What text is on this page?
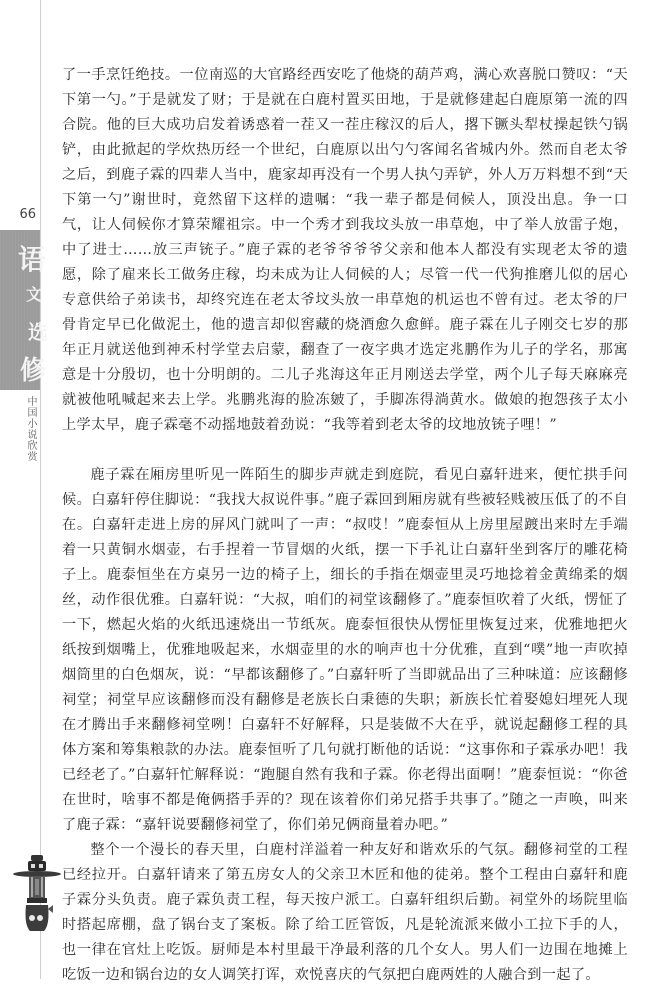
66
语
文
选
修
中国小说欣赏

了一手烹饪绝技。一位南巡的大官路经西安吃了他烧的葫芦鸡，满心欢喜脱口赞叹：“天下第一勺。”于是就发了财；于是就在白鹿村置买田地，于是就修建起白鹿原第一流的四合院。他的巨大成功启发着诱惑着一茬又一茬庄稼汉的后人，撂下镢头犁杖操起铁勺锅铲，由此掀起的学炊热历经一个世纪，白鹿原以出勺勺客闻名省城内外。然而自老太爷之后，到鹿子霖的四辈人当中，鹿家却再没有一个男人执勺弄铲，外人万万料想不到“天下第一勺”谢世时，竟然留下这样的遗嘱：“我一辈子都是伺候人，顶没出息。争一口气，让人伺候你才算荣耀祖宗。中一个秀才到我坟头放一串草炮，中了举人放雷子炮，中了进士……放三声铳子。”鹿子霖的老爷爷爷爷父亲和他本人都没有实现老太爷的遗愿，除了雇来长工做务庄稼，均未成为让人伺候的人；尽管一代一代狗推磨儿似的居心专意供给子弟读书，却终究连在老太爷坟头放一串草炮的机运也不曾有过。老太爷的尸骨肯定早已化做泥土，他的遗言却似窖藏的烧酒愈久愈鲜。鹿子霖在儿子刚交七岁的那年正月就送他到神禾村学堂去启蒙，翻查了一夜字典才选定兆鹏作为儿子的学名，那寓意是十分殷切，也十分明朗的。二儿子兆海这年正月刚送去学堂，两个儿子每天麻麻亮就被他吼喊起来去上学。兆鹏兆海的脸冻皴了，手脚冻得淌黄水。做娘的抱怨孩子太小上学太早，鹿子霖毫不动摇地鼓着劲说：“我等着到老太爷的坟地放铳子哩！”

鹿子霖在厢房里听见一阵陌生的脚步声就走到庭院，看见白嘉轩进来，便忙拱手问候。白嘉轩停住脚说：“我找大叔说件事。”鹿子霖回到厢房就有些被轻贱被压低了的不自在。白嘉轩走进上房的屏风门就叫了一声：“叔哎！”鹿泰恒从上房里屋踱出来时左手端着一只黄铜水烟壶，右手捏着一节冒烟的火纸，摆一下手礼让白嘉轩坐到客厅的雕花椅子上。鹿泰恒坐在方桌另一边的椅子上，细长的手指在烟壶里灵巧地捻着金黄绵柔的烟丝，动作很优雅。白嘉轩说：“大叔，咱们的祠堂该翻修了。”鹿泰恒吹着了火纸，愣怔了一下，燃起火焰的火纸迅速烧出一节纸灰。鹿泰恒很快从愣怔里恢复过来，优雅地把火纸按到烟嘴上，优雅地吸起来，水烟壶里的水的响声也十分优雅，直到“噗”地一声吹掉烟筒里的白色烟灰，说：“早都该翻修了。”白嘉轩听了当即就品出了三种味道：应该翻修祠堂；祠堂早应该翻修而没有翻修是老族长白秉德的失职；新族长忙着娶媳妇埋死人现在才腾出手来翻修祠堂咧！白嘉轩不好解释，只是装做不大在乎，就说起翻修工程的具体方案和筹集粮款的办法。鹿泰恒听了几句就打断他的话说：“这事你和子霖承办吧！我已经老了。”白嘉轩忙解释说：“跑腿自然有我和子霖。你老得出面啊！”鹿泰恒说：“你爸在世时，啥事不都是俺俩搭手弄的？现在该着你们弟兄搭手共事了。”随之一声唤，叫来了鹿子霖：“嘉轩说要翻修祠堂了，你们弟兄俩商量着办吧。”

整个一个漫长的春天里，白鹿村洋溢着一种友好和谐欢乐的气氛。翻修祠堂的工程已经拉开。白嘉轩请来了第五房女人的父亲卫木匠和他的徒弟。整个工程由白嘉轩和鹿子霖分头负责。鹿子霖负责工程，每天按户派工。白嘉轩组织后勤。祠堂外的场院里临时搭起席棚，盘了锅台支了案板。除了给工匠管饭，凡是轮流派来做小工拉下手的人，也一律在官灶上吃饭。厨师是本村里最干净最利落的几个女人。男人们一边围在地摊上吃饭一边和锅台边的女人调笑打诨，欢悦喜庆的气氛把白鹿两姓的人融合到一起了。
